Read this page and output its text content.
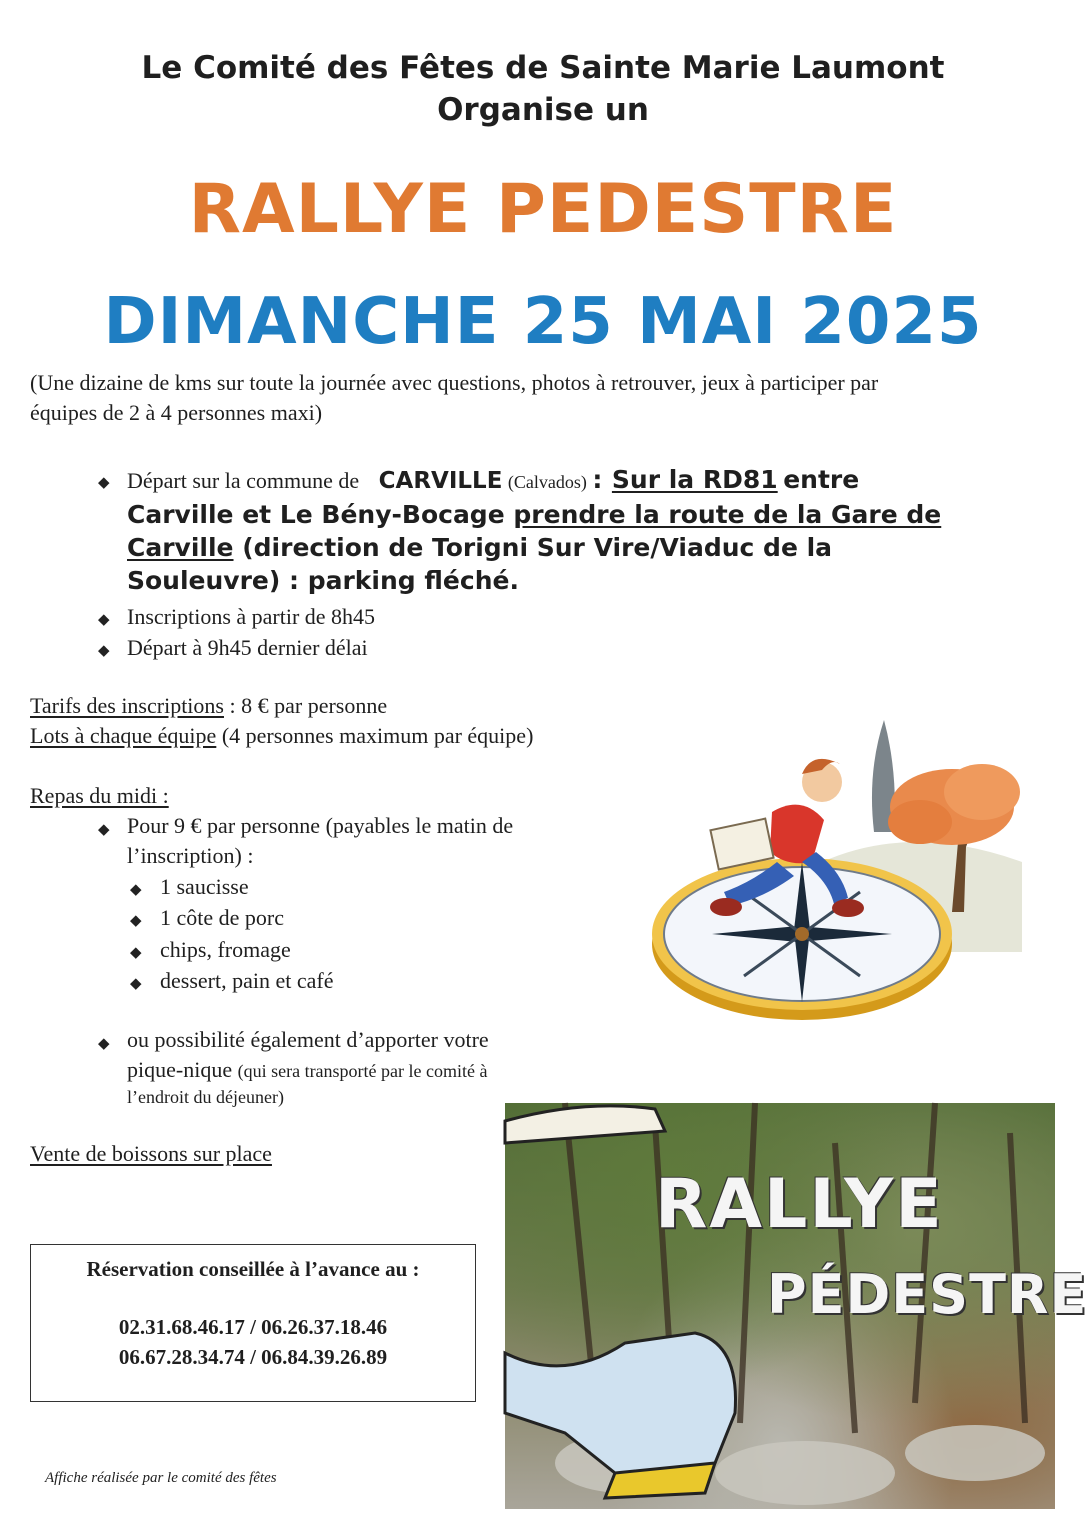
Le Comité des Fêtes de Sainte Marie Laumont
Organise un
RALLYE PEDESTRE
DIMANCHE 25 MAI 2025
(Une dizaine de kms sur toute la journée avec questions, photos à retrouver, jeux à participer par
équipes de 2 à 4 personnes maxi)
◆ Départ sur la commune de CARVILLE (Calvados) : Sur la RD81 entre
Carville et Le Bény-Bocage prendre la route de la Gare de
Carville (direction de Torigni Sur Vire/Viaduc de la
Souleuvre) : parking fléché.
◆ Inscriptions à partir de 8h45
◆ Départ à 9h45 dernier délai
Tarifs des inscriptions : 8 € par personne
Lots à chaque équipe (4 personnes maximum par équipe)
Repas du midi :
◆ Pour 9 € par personne (payables le matin de
l’inscription) :
◆ 1 saucisse
◆ 1 côte de porc
◆ chips, fromage
◆ dessert, pain et café
◆ ou possibilité également d’apporter votre
pique-nique (qui sera transporté par le comité à
l’endroit du déjeuner)
Vente de boissons sur place
Réservation conseillée à l’avance au :
02.31.68.46.17 / 06.26.37.18.46
06.67.28.34.74 / 06.84.39.26.89
Affiche réalisée par le comité des fêtes
RALLYE
PÉDESTRE
